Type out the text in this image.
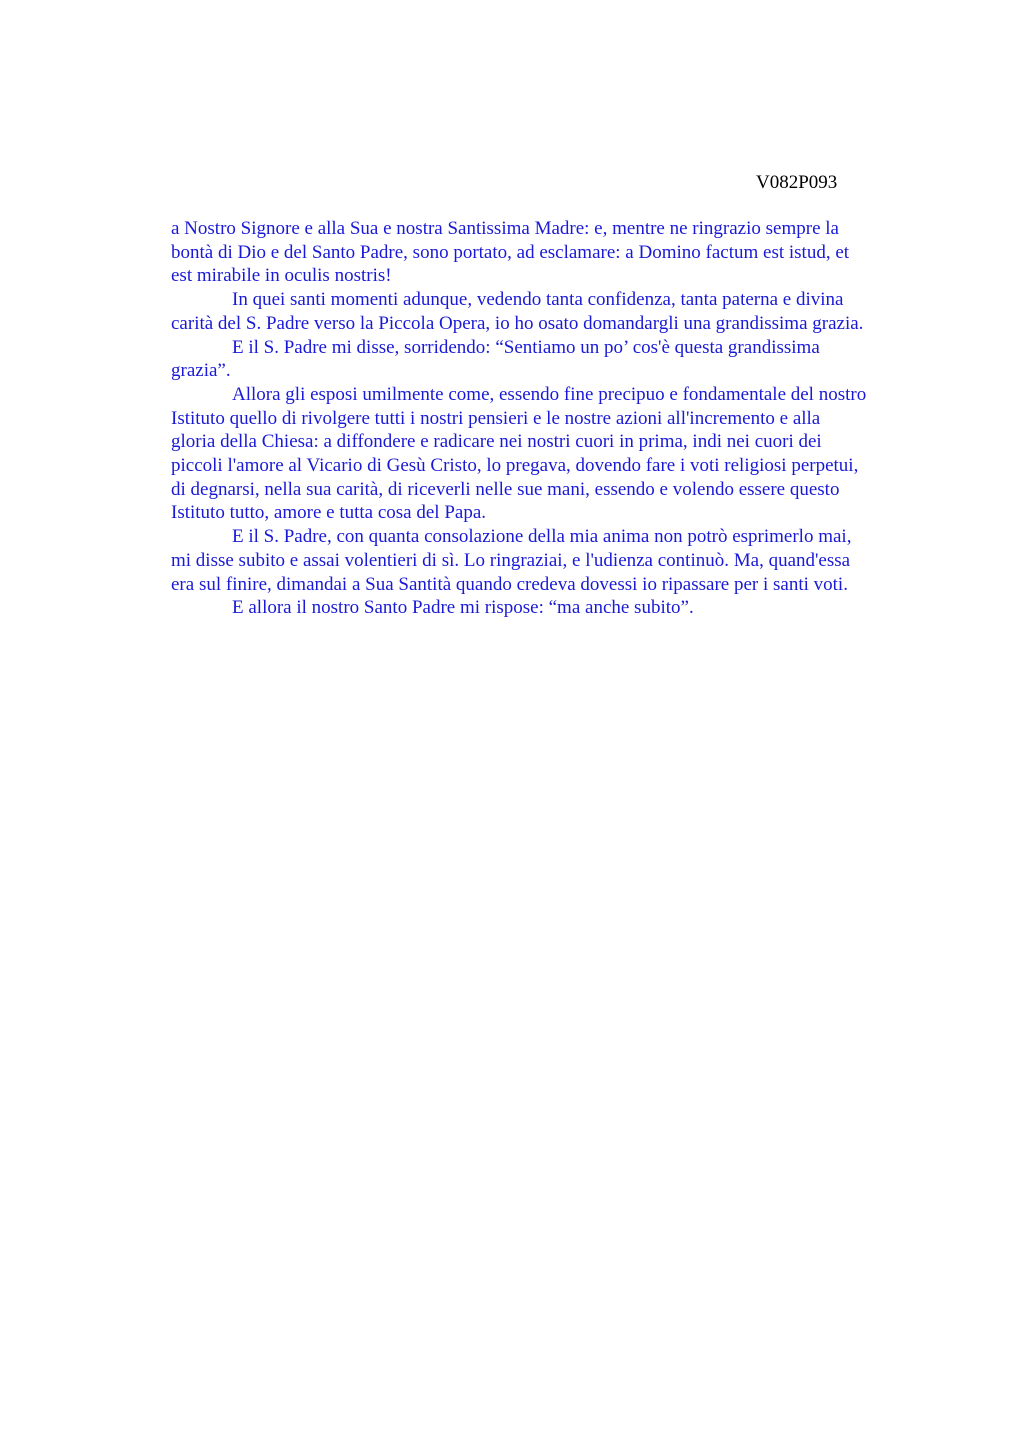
V082P093

a Nostro Signore e alla Sua e nostra Santissima Madre: e, mentre ne ringrazio sempre la
bontà di Dio e del Santo Padre, sono portato, ad esclamare: a Domino factum est istud, et
est mirabile in oculis nostris!

In quei santi momenti adunque, vedendo tanta confidenza, tanta paterna e divina
carità del S. Padre verso la Piccola Opera, io ho osato domandargli una grandissima grazia.

E il S. Padre mi disse, sorridendo: “Sentiamo un po’ cos'è questa grandissima
grazia”.

Allora gli esposi umilmente come, essendo fine precipuo e fondamentale del nostro
Istituto quello di rivolgere tutti i nostri pensieri e le nostre azioni all'incremento e alla
gloria della Chiesa: a diffondere e radicare nei nostri cuori in prima, indi nei cuori dei
piccoli l'amore al Vicario di Gesù Cristo, lo pregava, dovendo fare i voti religiosi perpetui,
di degnarsi, nella sua carità, di riceverli nelle sue mani, essendo e volendo essere questo
Istituto tutto, amore e tutta cosa del Papa.

E il S. Padre, con quanta consolazione della mia anima non potrò esprimerlo mai,
mi disse subito e assai volentieri di sì. Lo ringraziai, e l'udienza continuò. Ma, quand'essa
era sul finire, dimandai a Sua Santità quando credeva dovessi io ripassare per i santi voti.

E allora il nostro Santo Padre mi rispose: “ma anche subito”.
